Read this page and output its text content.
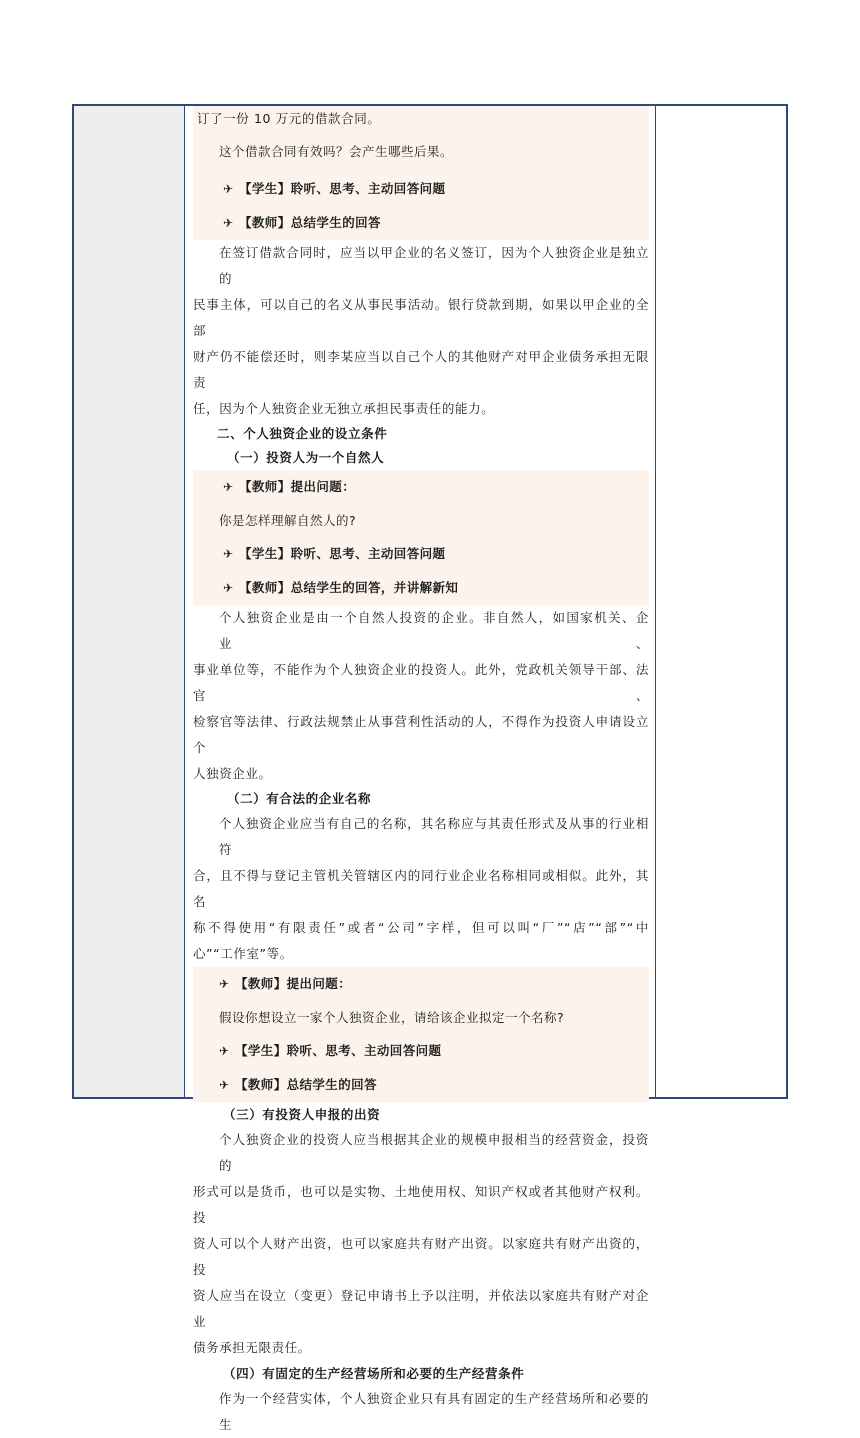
订了一份 10 万元的借款合同。
这个借款合同有效吗？会产生哪些后果。
✈ 【学生】聆听、思考、主动回答问题
✈ 【教师】总结学生的回答
在签订借款合同时，应当以甲企业的名义签订，因为个人独资企业是独立的
民事主体，可以自己的名义从事民事活动。银行贷款到期，如果以甲企业的全部
财产仍不能偿还时，则李某应当以自己个人的其他财产对甲企业债务承担无限责
任，因为个人独资企业无独立承担民事责任的能力。
二、个人独资企业的设立条件
（一）投资人为一个自然人
✈ 【教师】提出问题：
你是怎样理解自然人的?
✈ 【学生】聆听、思考、主动回答问题
✈ 【教师】总结学生的回答，并讲解新知
个人独资企业是由一个自然人投资的企业。非自然人，如国家机关、企业、
事业单位等，不能作为个人独资企业的投资人。此外，党政机关领导干部、法官、
检察官等法律、行政法规禁止从事营利性活动的人，不得作为投资人申请设立个
人独资企业。
（二）有合法的企业名称
个人独资企业应当有自己的名称，其名称应与其责任形式及从事的行业相符
合，且不得与登记主管机关管辖区内的同行业企业名称相同或相似。此外，其名
称不得使用“有限责任”或者“公司”字样，但可以叫“厂”“店”“部”“中
心”“工作室”等。
✈ 【教师】提出问题：
假设你想设立一家个人独资企业，请给该企业拟定一个名称?
✈ 【学生】聆听、思考、主动回答问题
✈ 【教师】总结学生的回答
（三）有投资人申报的出资
个人独资企业的投资人应当根据其企业的规模申报相当的经营资金，投资的
形式可以是货币，也可以是实物、土地使用权、知识产权或者其他财产权利。投
资人可以个人财产出资，也可以家庭共有财产出资。以家庭共有财产出资的，投
资人应当在设立（变更）登记申请书上予以注明，并依法以家庭共有财产对企业
债务承担无限责任。
（四）有固定的生产经营场所和必要的生产经营条件
作为一个经营实体，个人独资企业只有具有固定的生产经营场所和必要的生
